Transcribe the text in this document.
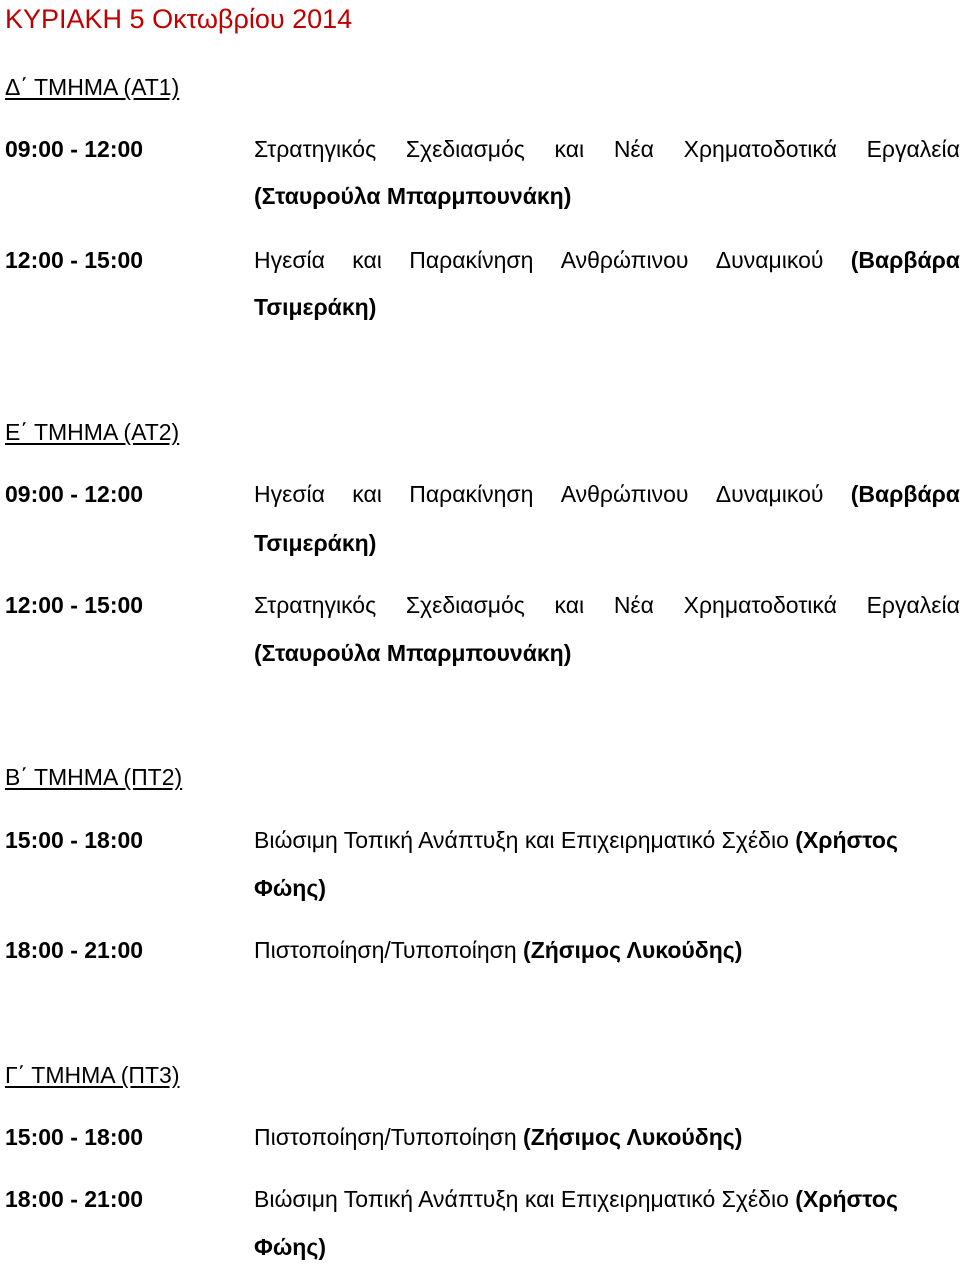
ΚΥΡΙΑΚΗ 5 Οκτωβρίου 2014
Δ΄ ΤΜΗΜΑ (ΑΤ1)
09:00 - 12:00	Στρατηγικός Σχεδιασμός και Νέα Χρηματοδοτικά Εργαλεία
(Σταυρούλα Μπαρμπουνάκη)
12:00 - 15:00	Ηγεσία και Παρακίνηση Ανθρώπινου Δυναμικού (Βαρβάρα
Τσιμεράκη)
Ε΄ ΤΜΗΜΑ (ΑΤ2)
09:00 - 12:00	Ηγεσία και Παρακίνηση Ανθρώπινου Δυναμικού (Βαρβάρα
Τσιμεράκη)
12:00 - 15:00	Στρατηγικός Σχεδιασμός και Νέα Χρηματοδοτικά Εργαλεία
(Σταυρούλα Μπαρμπουνάκη)
Β΄ ΤΜΗΜΑ (ΠΤ2)
15:00 - 18:00	Βιώσιμη Τοπική Ανάπτυξη και Επιχειρηματικό Σχέδιο (Χρήστος
Φώης)
18:00 - 21:00	Πιστοποίηση/Τυποποίηση (Ζήσιμος Λυκούδης)
Γ΄ ΤΜΗΜΑ (ΠΤ3)
15:00 - 18:00	Πιστοποίηση/Τυποποίηση (Ζήσιμος Λυκούδης)
18:00 - 21:00	Βιώσιμη Τοπική Ανάπτυξη και Επιχειρηματικό Σχέδιο (Χρήστος
Φώης)
